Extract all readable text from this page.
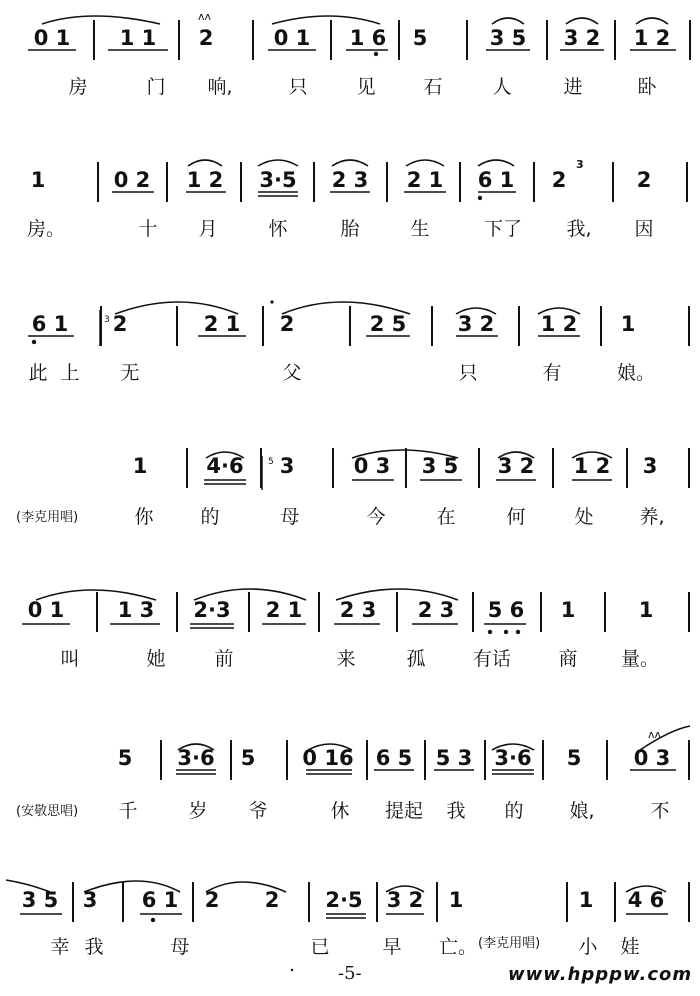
0 1 1 1 2	0 1 1 6 5	3 5 3 2 1 2
房	门 响,	只	见	石	人	进	卧
1	0 2 1 2 3·5 2 3 2 1 6 1 2	2
房。	十 月	怀	胎	生	下了 我, 因
6 1 2	2 1 2	2 5 3 2 1 2 1
此 上 无	父	只	有	娘。
1	4·6 3	0 3 3 5 3 2 1 2 3
(李克用唱)	你 的	母	今	在	何	处 养,
0 1	1 3 2·3 2 1 2 3 2 3 5 6 1	1
叫	她	前	来	孤 有话 商 量。
5 3·6 5 0 16 6 5 5 3 3·6 5 0 3
(安敬思唱) 千	岁 爷	休 提起 我 的 娘,	不
3 5 3 6 1 2 2 2·5 3 2 1	1 4 6
幸 我	母	已	早 亡。 (李克用唱) 小 娃
ʌʌ
3
3
5
ʌʌ
-5-	www.hpppw.com
